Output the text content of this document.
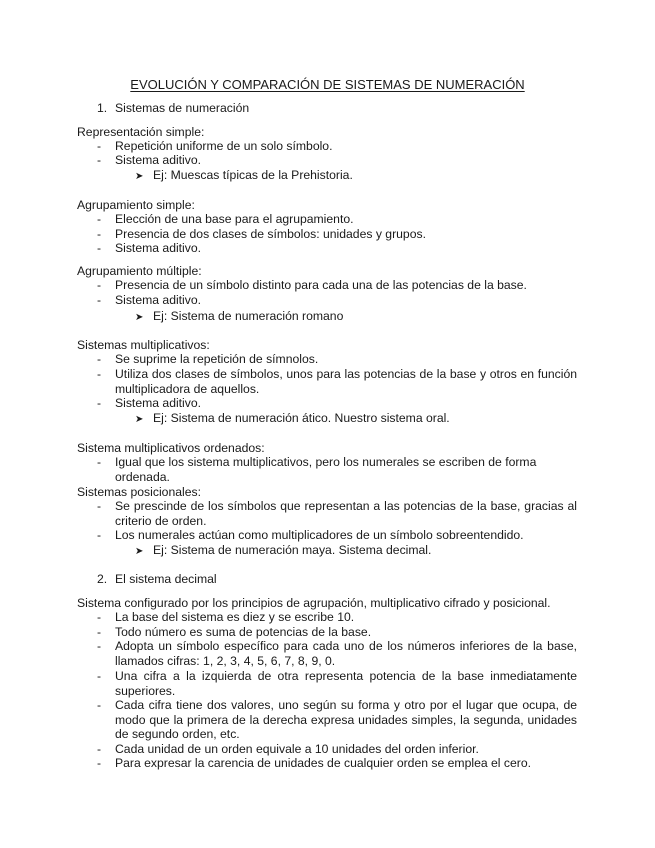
EVOLUCIÓN Y COMPARACIÓN DE SISTEMAS DE NUMERACIÓN
1. Sistemas de numeración
Representación simple:
- Repetición uniforme de un solo símbolo.
- Sistema aditivo.
➤ Ej: Muescas típicas de la Prehistoria.
Agrupamiento simple:
- Elección de una base para el agrupamiento.
- Presencia de dos clases de símbolos: unidades y grupos.
- Sistema aditivo.
Agrupamiento múltiple:
- Presencia de un símbolo distinto para cada una de las potencias de la base.
- Sistema aditivo.
➤ Ej: Sistema de numeración romano
Sistemas multiplicativos:
- Se suprime la repetición de símnolos.
- Utiliza dos clases de símbolos, unos para las potencias de la base y otros en función multiplicadora de aquellos.
- Sistema aditivo.
➤ Ej: Sistema de numeración ático. Nuestro sistema oral.
Sistema multiplicativos ordenados:
- Igual que los sistema multiplicativos, pero los numerales se escriben de forma ordenada.
Sistemas posicionales:
- Se prescinde de los símbolos que representan a las potencias de la base, gracias al criterio de orden.
- Los numerales actúan como multiplicadores de un símbolo sobreentendido.
➤ Ej: Sistema de numeración maya. Sistema decimal.
2. El sistema decimal
Sistema configurado por los principios de agrupación, multiplicativo cifrado y posicional.
- La base del sistema es diez y se escribe 10.
- Todo número es suma de potencias de la base.
- Adopta un símbolo específico para cada uno de los números inferiores de la base, llamados cifras: 1, 2, 3, 4, 5, 6, 7, 8, 9, 0.
- Una cifra a la izquierda de otra representa potencia de la base inmediatamente superiores.
- Cada cifra tiene dos valores, uno según su forma y otro por el lugar que ocupa, de modo que la primera de la derecha expresa unidades simples, la segunda, unidades de segundo orden, etc.
- Cada unidad de un orden equivale a 10 unidades del orden inferior.
- Para expresar la carencia de unidades de cualquier orden se emplea el cero.
